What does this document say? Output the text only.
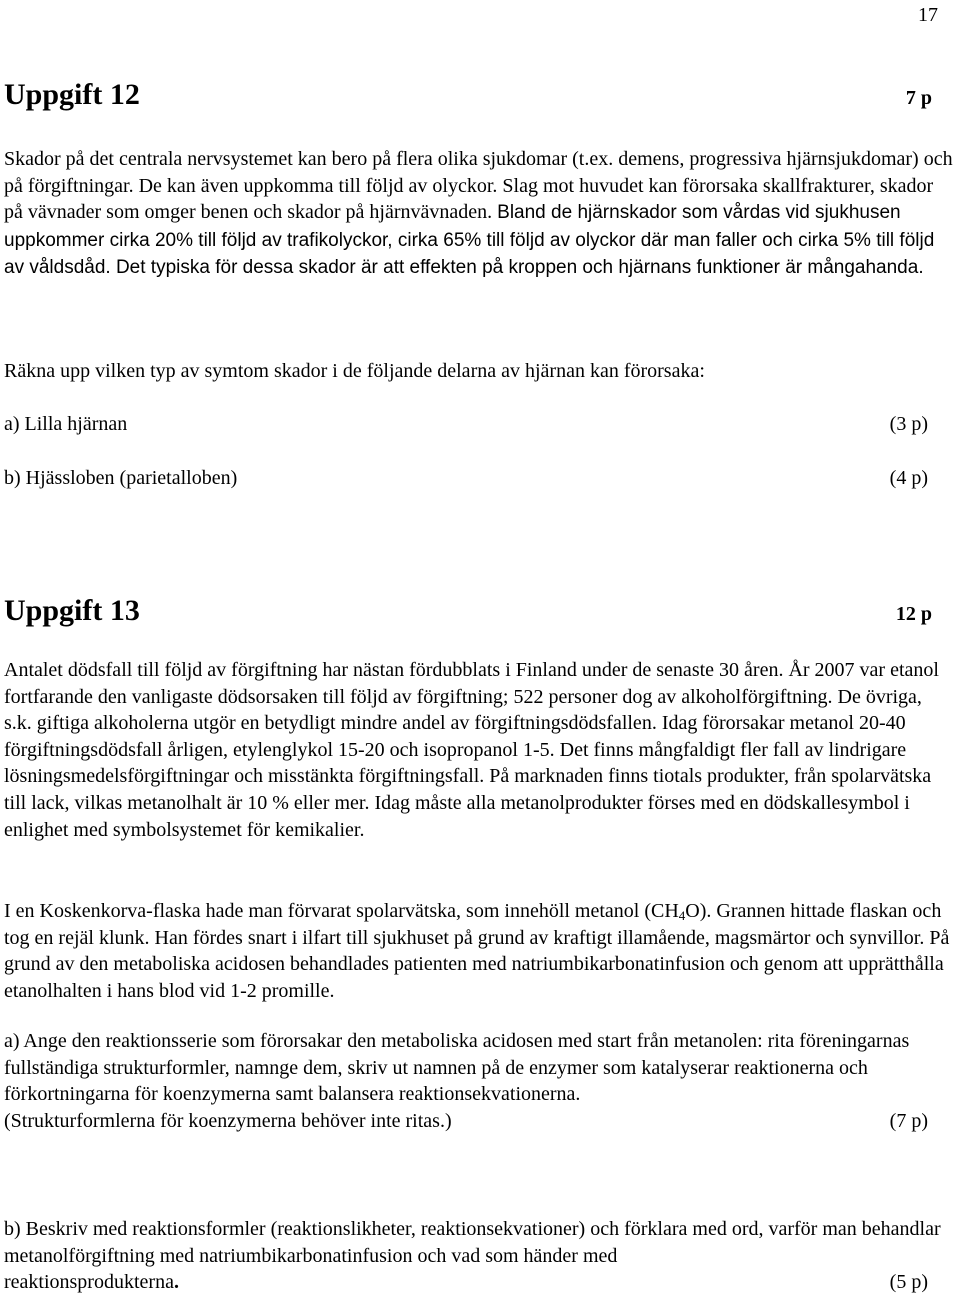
17
Uppgift 12	7 p
Skador på det centrala nervsystemet kan bero på flera olika sjukdomar (t.ex. demens, progressiva hjärnsjukdomar) och på förgiftningar. De kan även uppkomma till följd av olyckor. Slag mot huvudet kan förorsaka skallfrakturer, skador på vävnader som omger benen och skador på hjärnvävnaden. Bland de hjärnskador som vårdas vid sjukhusen uppkommer cirka 20% till följd av trafikolyckor, cirka 65% till följd av olyckor där man faller och cirka 5% till följd av våldsdåd. Det typiska för dessa skador är att effekten på kroppen och hjärnans funktioner är mångahanda.
Räkna upp vilken typ av symtom skador i de följande delarna av hjärnan kan förorsaka:
a) Lilla hjärnan	(3 p)
b) Hjässloben (parietalloben)	(4 p)
Uppgift 13	12 p
Antalet dödsfall till följd av förgiftning har nästan fördubblats i Finland under de senaste 30 åren. År 2007 var etanol fortfarande den vanligaste dödsorsaken till följd av förgiftning; 522 personer dog av alkoholförgiftning. De övriga, s.k. giftiga alkoholerna utgör en betydligt mindre andel av förgiftningsdödsfallen. Idag förorsakar metanol 20-40 förgiftningsdödsfall årligen, etylenglykol 15-20 och isopropanol 1-5. Det finns mångfaldigt fler fall av lindrigare lösningsmedelsförgiftningar och misstänkta förgiftningsfall. På marknaden finns tiotals produkter, från spolarvätska till lack, vilkas metanolhalt är 10 % eller mer. Idag måste alla metanolprodukter förses med en dödskallesymbol i enlighet med symbolsystemet för kemikalier.
I en Koskenkorva-flaska hade man förvarat spolarvätska, som innehöll metanol $(CH_4O)$. Grannen hittade flaskan och tog en rejäl klunk. Han fördes snart i ilfart till sjukhuset på grund av kraftigt illamående, magsmärtor och synvillor. På grund av den metaboliska acidosen behandlades patienten med natriumbikarbonatinfusion och genom att upprätthålla etanolhalten i hans blod vid 1-2 promille.
a) Ange den reaktionsserie som förorsakar den metaboliska acidosen med start från metanolen: rita föreningarnas fullständiga strukturformler, namnge dem, skriv ut namnen på de enzymer som katalyserar reaktionerna och förkortningarna för koenzymerna samt balansera reaktionsekvationerna.
(Strukturformlerna för koenzymerna behöver inte ritas.)	(7 p)
b) Beskriv med reaktionsformler (reaktionslikheter, reaktionsekvationer) och förklara med ord, varför man behandlar metanolförgiftning med natriumbikarbonatinfusion och vad som händer med
reaktionsprodukterna.	(5 p)
